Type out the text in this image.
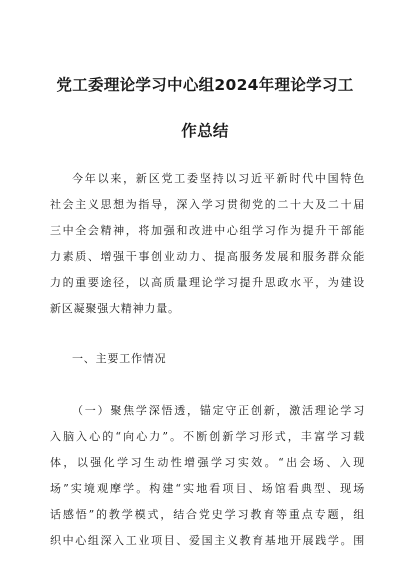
党工委理论学习中心组2024年理论学习工
作总结
今年以来，新区党工委坚持以习近平新时代中国特色
社会主义思想为指导，深入学习贯彻党的二十大及二十届
三中全会精神，将加强和改进中心组学习作为提升干部能
力素质、增强干事创业动力、提高服务发展和服务群众能
力的重要途径，以高质量理论学习提升思政水平，为建设
新区凝聚强大精神力量。
一、主要工作情况
（一）聚焦学深悟透，锚定守正创新，激活理论学习
入脑入心的“向心力”。不断创新学习形式，丰富学习载
体，以强化学习生动性增强学习实效。“出会场、入现
场”实境观摩学。构建“实地看项目、场馆看典型、现场
话感悟”的教学模式，结合党史学习教育等重点专题，组
织中心组深入工业项目、爱国主义教育基地开展践学。围
